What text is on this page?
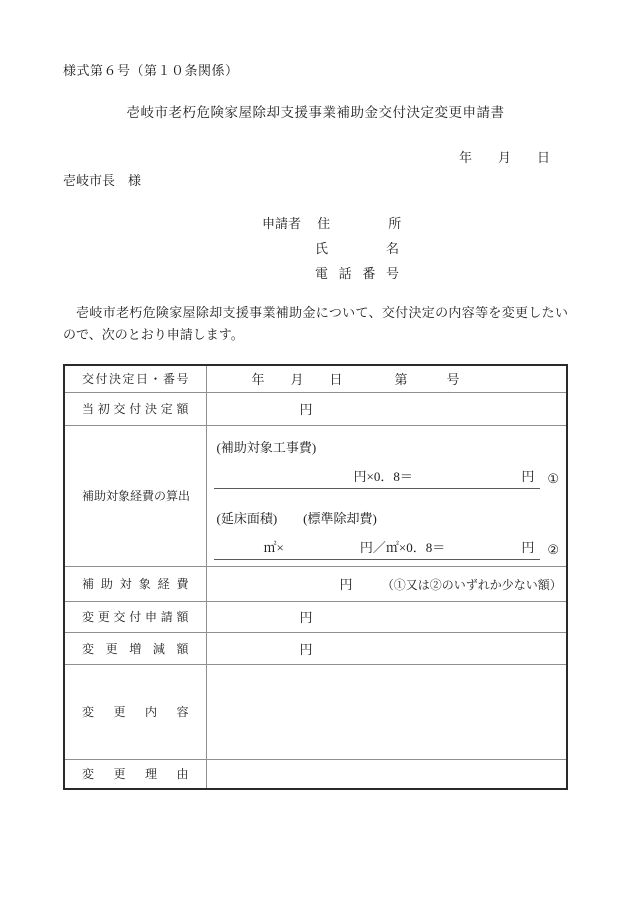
様式第６号（第１０条関係）
壱岐市老朽危険家屋除却支援事業補助金交付決定変更申請書
年　　月　　日
壱岐市長　様
申請者 住所
氏名
電話番号

壱岐市老朽危険家屋除却支援事業補助金について、交付決定の内容等を変更したいので、次のとおり申請します。

交付決定日・番号	年　　月　　日　　　　第　　　号
当初交付決定額	円
補助対象経費の算出	
(補助対象工事費)
円×0．8＝	円 ①
(延床面積)　　(標準除却費)
㎡×	円／㎡×0．8＝	円 ②

補助対象経費	円 （①又は②のいずれか少ない額）
変更交付申請額	円
変更増減額	円
変更内容	
変更理由	
